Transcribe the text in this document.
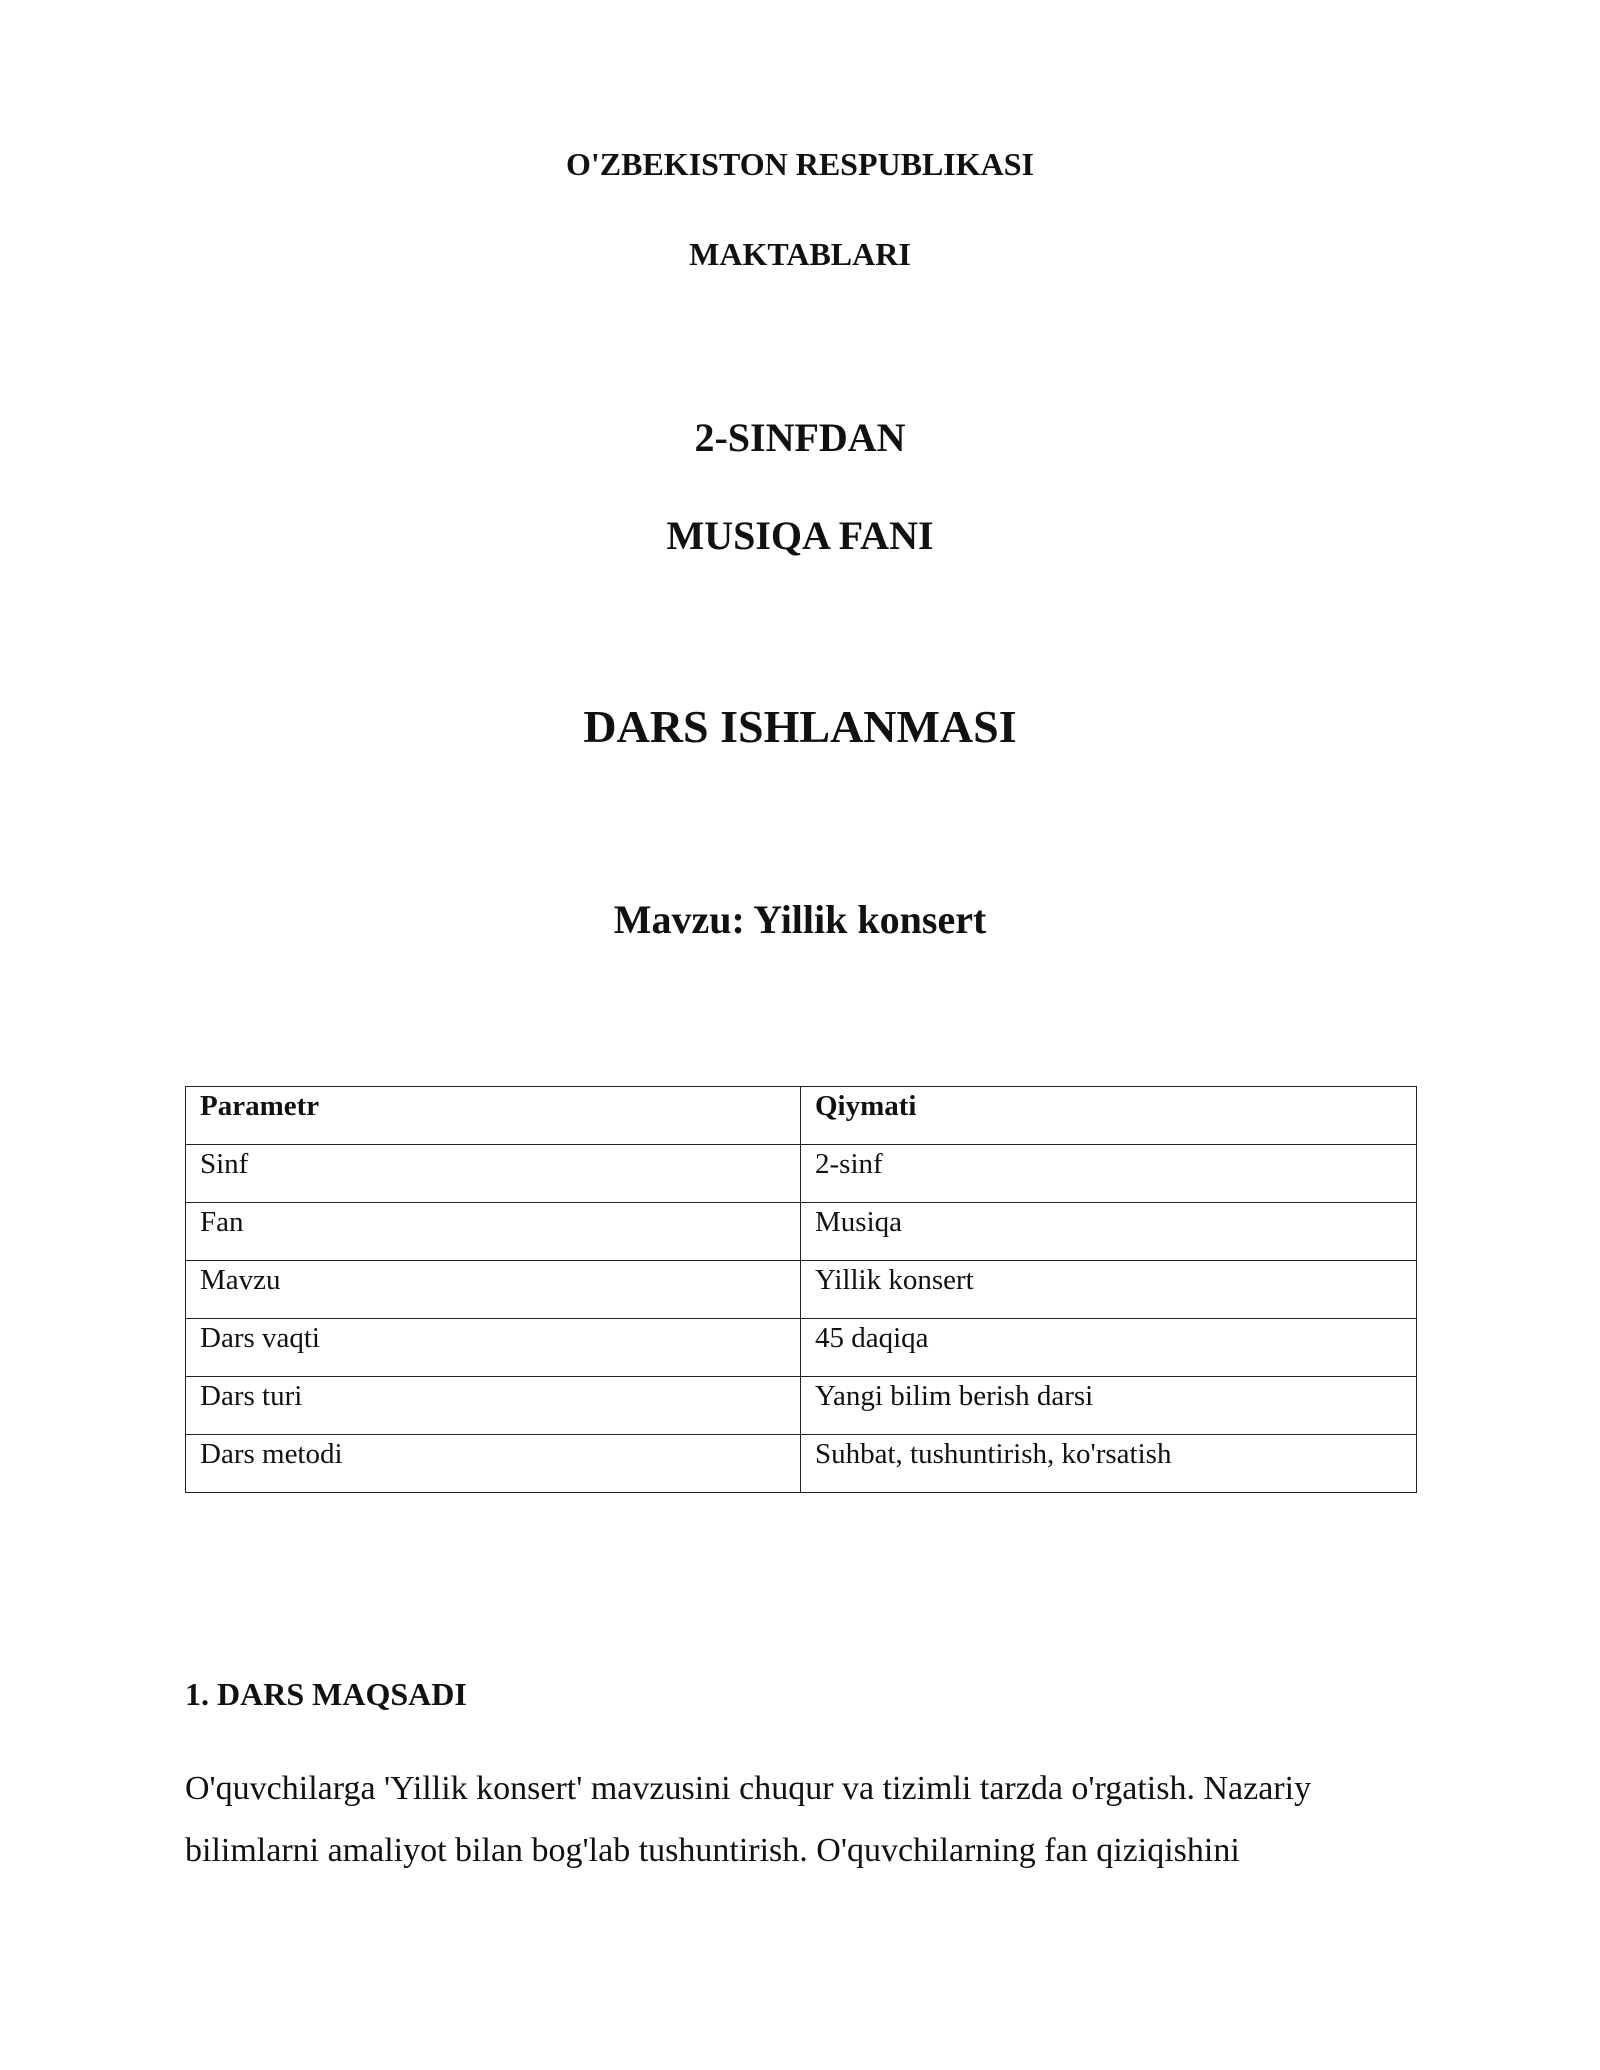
O'ZBEKISTON RESPUBLIKASI
MAKTABLARI
2-SINFDAN
MUSIQA FANI
DARS ISHLANMASI
Mavzu: Yillik konsert
Parametr	Qiymati
Sinf	2-sinf
Fan	Musiqa
Mavzu	Yillik konsert
Dars vaqti	45 daqiqa
Dars turi	Yangi bilim berish darsi
Dars metodi	Suhbat, tushuntirish, ko'rsatish
1. DARS MAQSADI

O'quvchilarga 'Yillik konsert' mavzusini chuqur va tizimli tarzda o'rgatish. Nazariy bilimlarni amaliyot bilan bog'lab tushuntirish. O'quvchilarning fan qiziqishini
